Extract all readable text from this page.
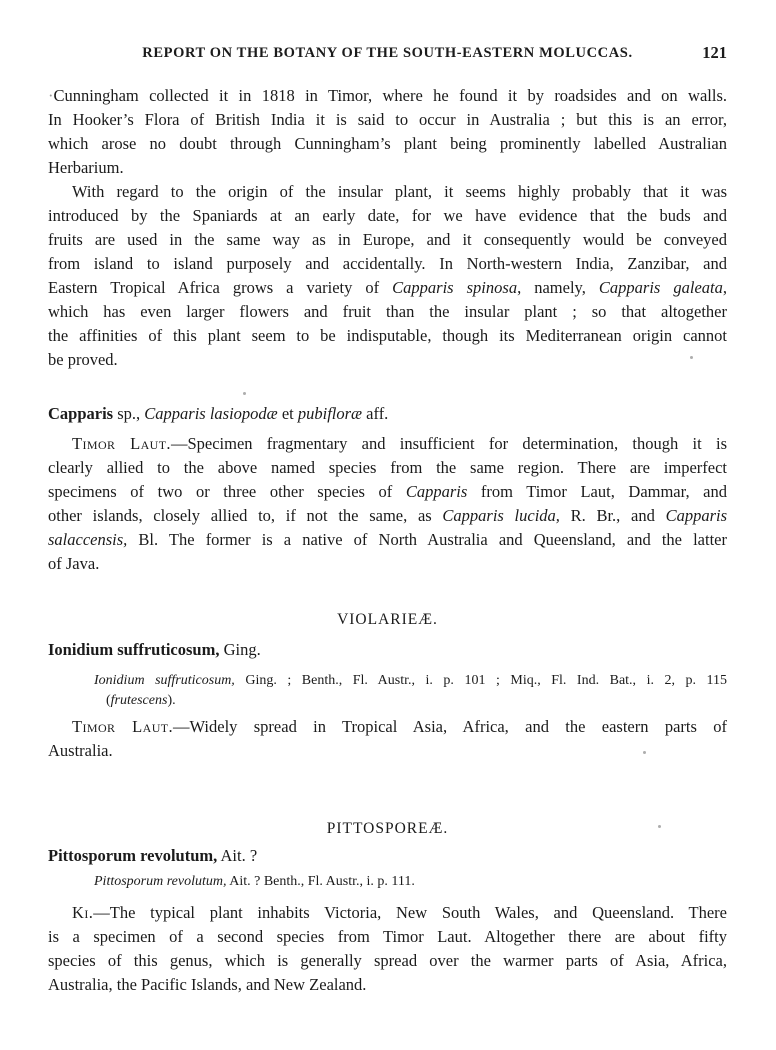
REPORT ON THE BOTANY OF THE SOUTH-EASTERN MOLUCCAS.	121
·Cunningham collected it in 1818 in Timor, where he found it by roadsides and on walls.
In Hooker’s Flora of British India it is said to occur in Australia ; but this is an error,
which arose no doubt through Cunningham’s plant being prominently labelled Australian
Herbarium.
With regard to the origin of the insular plant, it seems highly probably that it was
introduced by the Spaniards at an early date, for we have evidence that the buds and
fruits are used in the same way as in Europe, and it consequently would be conveyed
from island to island purposely and accidentally. In North-western India, Zanzibar, and
Eastern Tropical Africa grows a variety of Capparis spinosa, namely, Capparis galeata,
which has even larger flowers and fruit than the insular plant ; so that altogether
the affinities of this plant seem to be indisputable, though its Mediterranean origin cannot
be proved.
Capparis sp., Capparis lasiopodæ et pubifloræ aff.
Timor Laut.—Specimen fragmentary and insufficient for determination, though it is
clearly allied to the above named species from the same region. There are imperfect
specimens of two or three other species of Capparis from Timor Laut, Dammar, and
other islands, closely allied to, if not the same, as Capparis lucida, R. Br., and Capparis
salaccensis, Bl. The former is a native of North Australia and Queensland, and the latter
of Java.
VIOLARIEÆ.
Ionidium suffruticosum, Ging.
Ionidium suffruticosum, Ging. ; Benth., Fl. Austr., i. p. 101 ; Miq., Fl. Ind. Bat., i. 2, p. 115
(frutescens).
Timor Laut.—Widely spread in Tropical Asia, Africa, and the eastern parts of
Australia.
PITTOSPOREÆ.
Pittosporum revolutum, Ait. ?
Pittosporum revolutum, Ait. ? Benth., Fl. Austr., i. p. 111.
Ki.—The typical plant inhabits Victoria, New South Wales, and Queensland. There
is a specimen of a second species from Timor Laut. Altogether there are about fifty
species of this genus, which is generally spread over the warmer parts of Asia, Africa,
Australia, the Pacific Islands, and New Zealand.
